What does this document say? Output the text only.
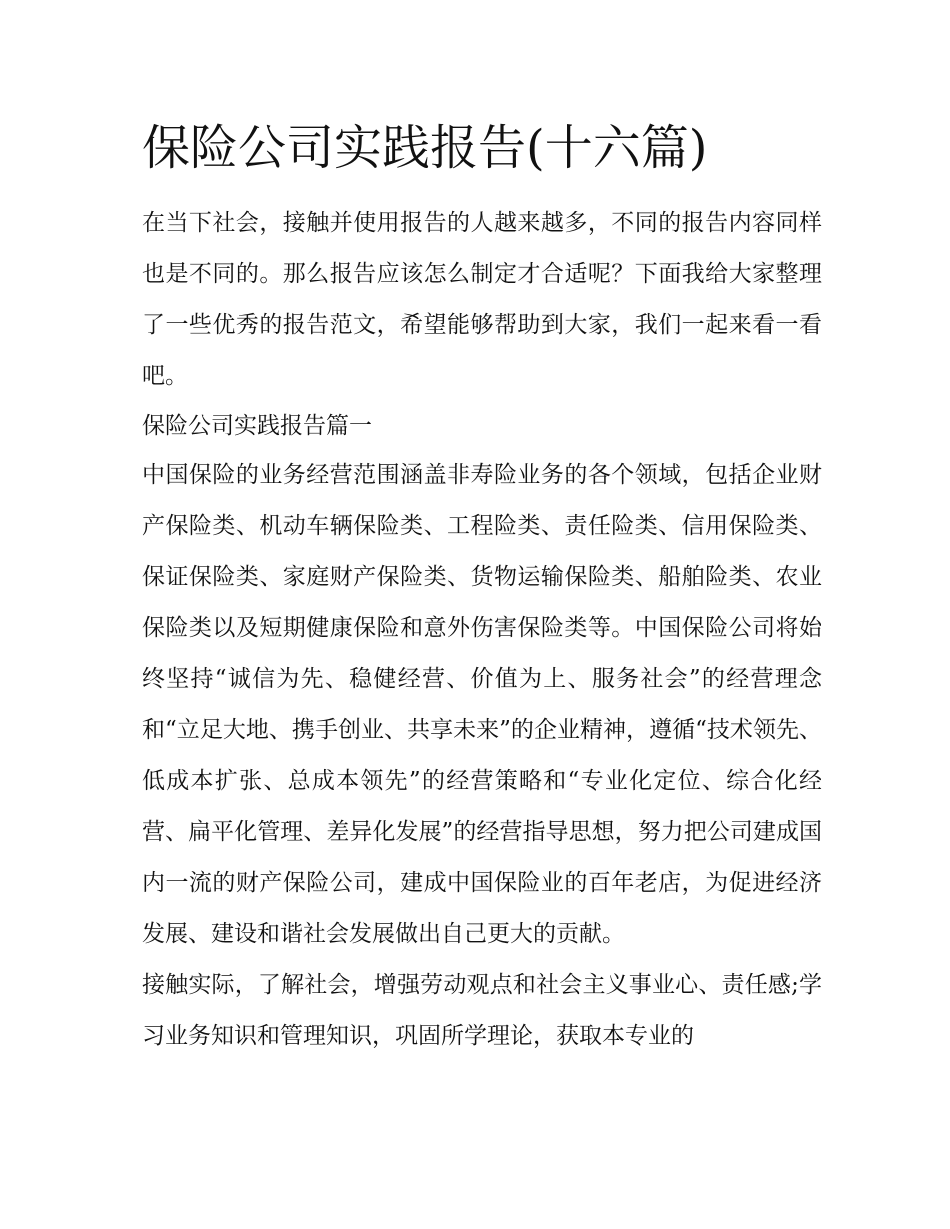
保险公司实践报告(十六篇)

在当下社会，接触并使用报告的人越来越多，不同的报告内容同样也是不同的。那么报告应该怎么制定才合适呢？下面我给大家整理了一些优秀的报告范文，希望能够帮助到大家，我们一起来看一看吧。

保险公司实践报告篇一

中国保险的业务经营范围涵盖非寿险业务的各个领域，包括企业财产保险类、机动车辆保险类、工程险类、责任险类、信用保险类、保证保险类、家庭财产保险类、货物运输保险类、船舶险类、农业保险类以及短期健康保险和意外伤害保险类等。中国保险公司将始终坚持“诚信为先、稳健经营、价值为上、服务社会”的经营理念和“立足大地、携手创业、共享未来”的企业精神，遵循“技术领先、低成本扩张、总成本领先”的经营策略和“专业化定位、综合化经营、扁平化管理、差异化发展”的经营指导思想，努力把公司建成国内一流的财产保险公司，建成中国保险业的百年老店，为促进经济发展、建设和谐社会发展做出自己更大的贡献。

接触实际，了解社会，增强劳动观点和社会主义事业心、责任感;学习业务知识和管理知识，巩固所学理论，获取本专业的
